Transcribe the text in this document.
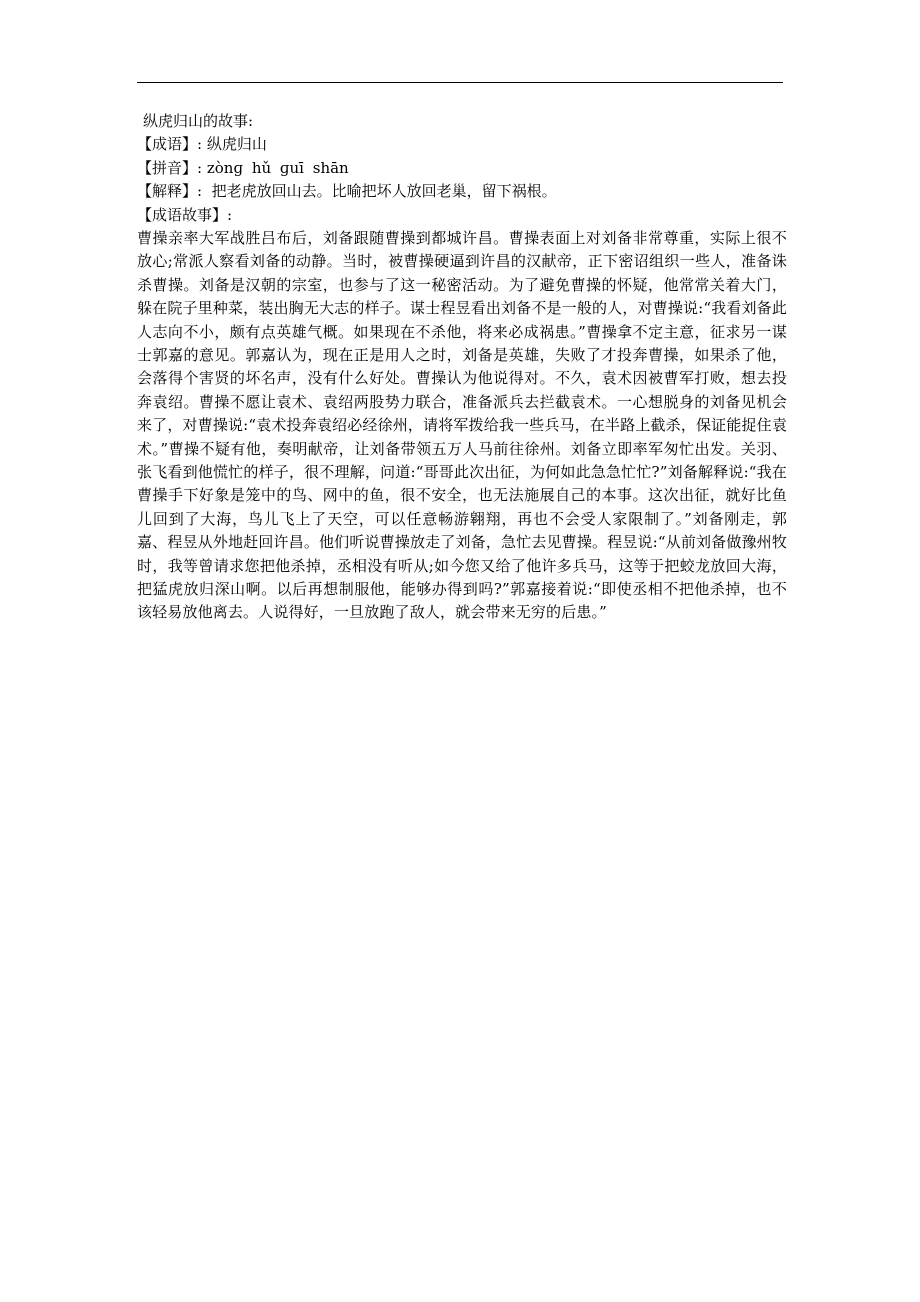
纵虎归山的故事:
【成语】: 纵虎归山
【拼音】: zònɡ hǔ ɡuī shān
【解释】: 把老虎放回山去。比喻把坏人放回老巢，留下祸根。
【成语故事】:
曹操亲率大军战胜吕布后，刘备跟随曹操到都城许昌。曹操表面上对刘备非常尊重，实际上很不放心;常派人察看刘备的动静。当时，被曹操硬逼到许昌的汉献帝，正下密诏组织一些人，准备诛杀曹操。刘备是汉朝的宗室，也参与了这一秘密活动。为了避免曹操的怀疑，他常常关着大门，躲在院子里种菜，装出胸无大志的样子。谋士程昱看出刘备不是一般的人，对曹操说:“我看刘备此人志向不小，颇有点英雄气概。如果现在不杀他，将来必成祸患。”曹操拿不定主意，征求另一谋士郭嘉的意见。郭嘉认为，现在正是用人之时，刘备是英雄，失败了才投奔曹操，如果杀了他，会落得个害贤的坏名声，没有什么好处。曹操认为他说得对。不久，袁术因被曹军打败，想去投奔袁绍。曹操不愿让袁术、袁绍两股势力联合，准备派兵去拦截袁术。一心想脱身的刘备见机会来了，对曹操说:“袁术投奔袁绍必经徐州，请将军拨给我一些兵马，在半路上截杀，保证能捉住袁术。”曹操不疑有他，奏明献帝，让刘备带领五万人马前往徐州。刘备立即率军匆忙出发。关羽、张飞看到他慌忙的样子，很不理解，问道:“哥哥此次出征，为何如此急急忙忙?”刘备解释说:“我在曹操手下好象是笼中的鸟、网中的鱼，很不安全，也无法施展自己的本事。这次出征，就好比鱼儿回到了大海，鸟儿飞上了天空，可以任意畅游翱翔，再也不会受人家限制了。”刘备刚走，郭嘉、程昱从外地赶回许昌。他们听说曹操放走了刘备，急忙去见曹操。程昱说:“从前刘备做豫州牧时，我等曾请求您把他杀掉，丞相没有听从;如今您又给了他许多兵马，这等于把蛟龙放回大海，把猛虎放归深山啊。以后再想制服他，能够办得到吗?”郭嘉接着说:“即使丞相不把他杀掉，也不该轻易放他离去。人说得好，一旦放跑了敌人，就会带来无穷的后患。”
